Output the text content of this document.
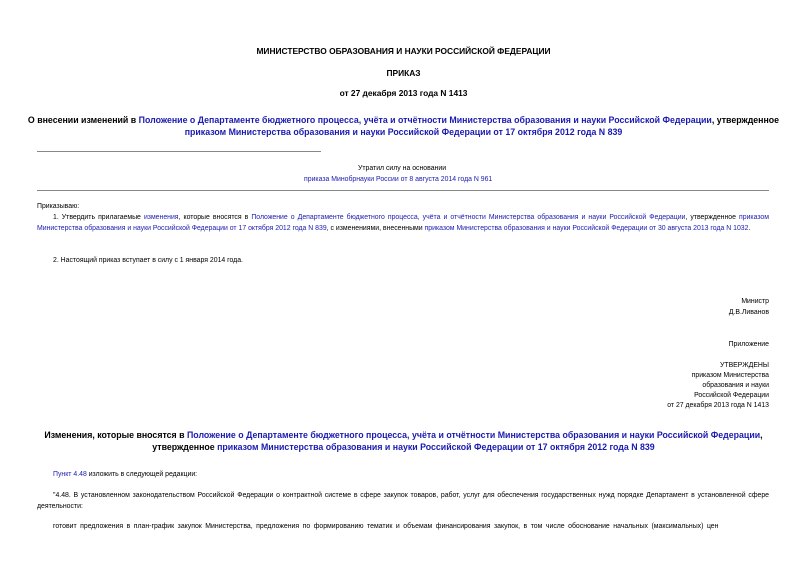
МИНИСТЕРСТВО ОБРАЗОВАНИЯ И НАУКИ РОССИЙСКОЙ ФЕДЕРАЦИИ
ПРИКАЗ
от 27 декабря 2013 года N 1413
О внесении изменений в Положение о Департаменте бюджетного процесса, учёта и отчётности Министерства образования и науки Российской Федерации, утвержденное приказом Министерства образования и науки Российской Федерации от 17 октября 2012 года N 839
Утратил силу на основании
приказа Минобрнауки России от 8 августа 2014 года N 961
Приказываю:
1. Утвердить прилагаемые изменения, которые вносятся в Положение о Департаменте бюджетного процесса, учёта и отчётности Министерства образования и науки Российской Федерации, утвержденное приказом Министерства образования и науки Российской Федерации от 17 октября 2012 года N 839, с изменениями, внесенными приказом Министерства образования и науки Российской Федерации от 30 августа 2013 года N 1032.
2. Настоящий приказ вступает в силу с 1 января 2014 года.
Министр
Д.В.Ливанов
Приложение
УТВЕРЖДЕНЫ
приказом Министерства
образования и науки
Российской Федерации
от 27 декабря 2013 года N 1413
Изменения, которые вносятся в Положение о Департаменте бюджетного процесса, учёта и отчётности Министерства образования и науки Российской Федерации, утвержденное приказом Министерства образования и науки Российской Федерации от 17 октября 2012 года N 839
Пункт 4.48 изложить в следующей редакции:
"4.48. В установленном законодательством Российской Федерации о контрактной системе в сфере закупок товаров, работ, услуг для обеспечения государственных нужд порядке Департамент в установленной сфере деятельности:
готовит предложения в план-график закупок Министерства, предложения по формированию тематик и объемам финансирования закупок, в том числе обоснование начальных (максимальных) цен
